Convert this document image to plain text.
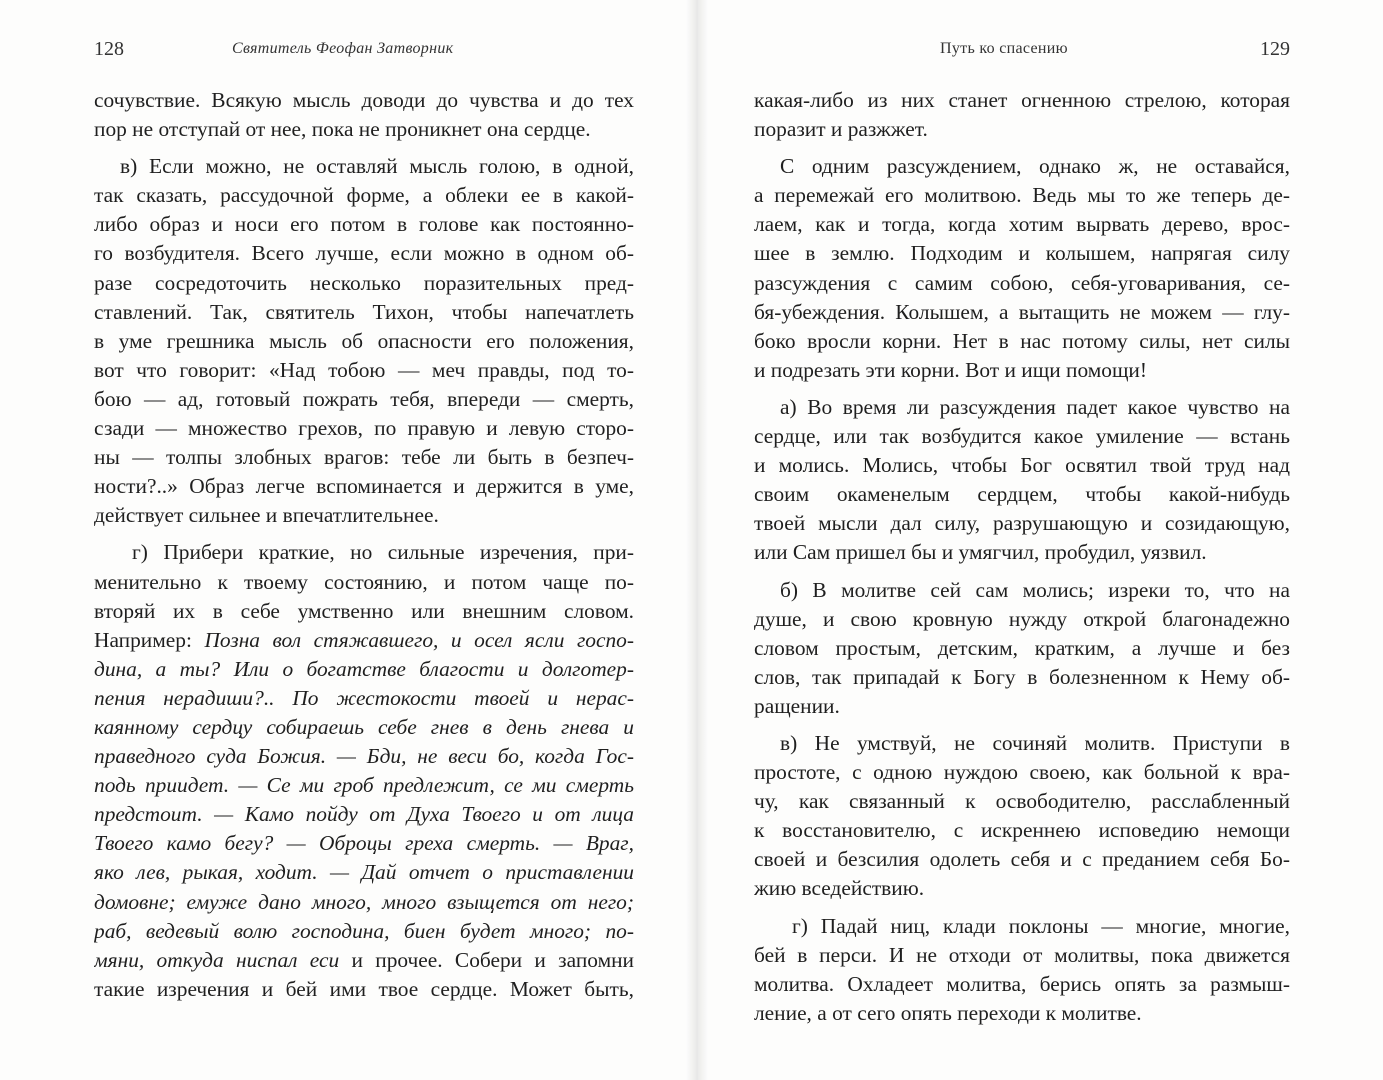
128	Святитель Феофан Затворник
сочувствие. Всякую мысль доводи до чувства и до тех
пор не отступай от нее, пока не проникнет она сердце.
в) Если можно, не оставляй мысль голою, в одной,
так сказать, рассудочной форме, а облеки ее в какой-
либо образ и носи его потом в голове как постоянно-
го возбудителя. Всего лучше, если можно в одном об-
разе сосредоточить несколько поразительных пред-
ставлений. Так, святитель Тихон, чтобы напечатлеть
в уме грешника мысль об опасности его положения,
вот что говорит: «Над тобою — меч правды, под то-
бою — ад, готовый пожрать тебя, впереди — смерть,
сзади — множество грехов, по правую и левую сторо-
ны — толпы злобных врагов: тебе ли быть в безпеч-
ности?..» Образ легче вспоминается и держится в уме,
действует сильнее и впечатлительнее.
г) Прибери краткие, но сильные изречения, при-
менительно к твоему состоянию, и потом чаще по-
вторяй их в себе умственно или внешним словом.
Например: Позна вол стяжавшего, и осел ясли госпо-
дина, а ты? Или о богатстве благости и долготер-
пения нерадиши?.. По жестокости твоей и нерас-
каянному сердцу собираешь себе гнев в день гнева и
праведного суда Божия. — Бди, не веси бо, когда Гос-
подь приидет. — Се ми гроб предлежит, се ми смерть
предстоит. — Камо пойду от Духа Твоего и от лица
Твоего камо бегу? — Оброцы греха смерть. — Враг,
яко лев, рыкая, ходит. — Дай отчет о приставлении
домовне; емуже дано много, много взыщется от него;
раб, ведевый волю господина, биен будет много; по-
мяни, откуда ниспал еси и прочее. Собери и запомни
такие изречения и бей ими твое сердце. Может быть,
Путь ко спасению	129
какая-либо из них станет огненною стрелою, которая
поразит и разжжет.
С одним разсуждением, однако ж, не оставайся,
а перемежай его молитвою. Ведь мы то же теперь де-
лаем, как и тогда, когда хотим вырвать дерево, врос-
шее в землю. Подходим и колышем, напрягая силу
разсуждения с самим собою, себя-уговаривания, се-
бя-убеждения. Колышем, а вытащить не можем — глу-
боко вросли корни. Нет в нас потому силы, нет силы
и подрезать эти корни. Вот и ищи помощи!
а) Во время ли разсуждения падет какое чувство на
сердце, или так возбудится какое умиление — встань
и молись. Молись, чтобы Бог освятил твой труд над
своим окаменелым сердцем, чтобы какой-нибудь
твоей мысли дал силу, разрушающую и созидающую,
или Сам пришел бы и умягчил, пробудил, уязвил.
б) В молитве сей сам молись; изреки то, что на
душе, и свою кровную нужду открой благонадежно
словом простым, детским, кратким, а лучше и без
слов, так припадай к Богу в болезненном к Нему об-
ращении.
в) Не умствуй, не сочиняй молитв. Приступи в
простоте, с одною нуждою своею, как больной к вра-
чу, как связанный к освободителю, расслабленный
к восстановителю, с искреннею исповедию немощи
своей и безсилия одолеть себя и с преданием себя Бо-
жию вседействию.
г) Падай ниц, клади поклоны — многие, многие,
бей в перси. И не отходи от молитвы, пока движется
молитва. Охладеет молитва, берись опять за размыш-
ление, а от сего опять переходи к молитве.
